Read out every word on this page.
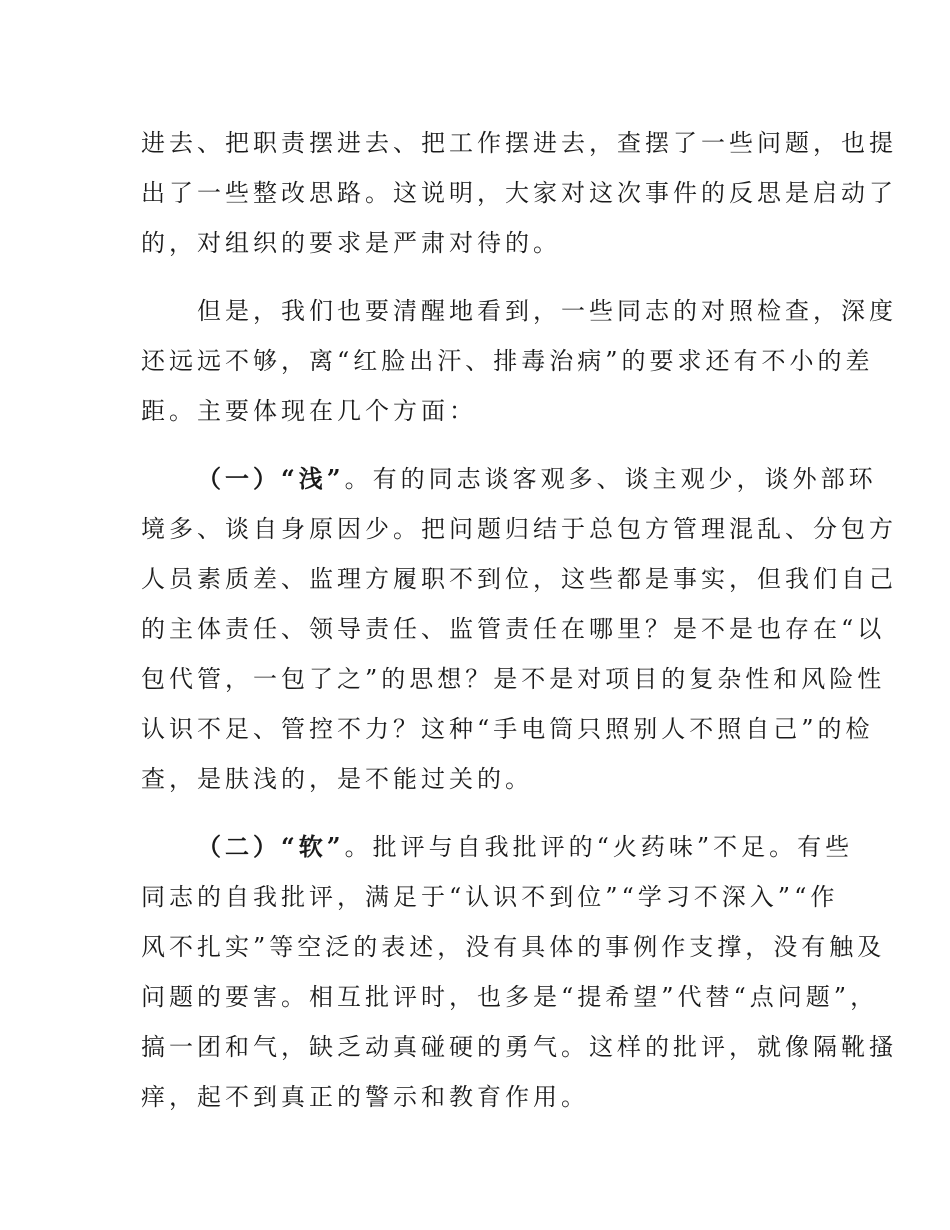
进去、把职责摆进去、把工作摆进去，查摆了一些问题，也提
出了一些整改思路。这说明，大家对这次事件的反思是启动了
的，对组织的要求是严肃对待的。
但是，我们也要清醒地看到，一些同志的对照检查，深度
还远远不够，离“红脸出汗、排毒治病”的要求还有不小的差
距。主要体现在几个方面：
（一）“浅”。有的同志谈客观多、谈主观少，谈外部环
境多、谈自身原因少。把问题归结于总包方管理混乱、分包方
人员素质差、监理方履职不到位，这些都是事实，但我们自己
的主体责任、领导责任、监管责任在哪里？是不是也存在“以
包代管，一包了之”的思想？是不是对项目的复杂性和风险性
认识不足、管控不力？这种“手电筒只照别人不照自己”的检
查，是肤浅的，是不能过关的。
（二）“软”。批评与自我批评的“火药味”不足。有些
同志的自我批评，满足于“认识不到位”“学习不深入”“作
风不扎实”等空泛的表述，没有具体的事例作支撑，没有触及
问题的要害。相互批评时，也多是“提希望”代替“点问题”，
搞一团和气，缺乏动真碰硬的勇气。这样的批评，就像隔靴搔
痒，起不到真正的警示和教育作用。
